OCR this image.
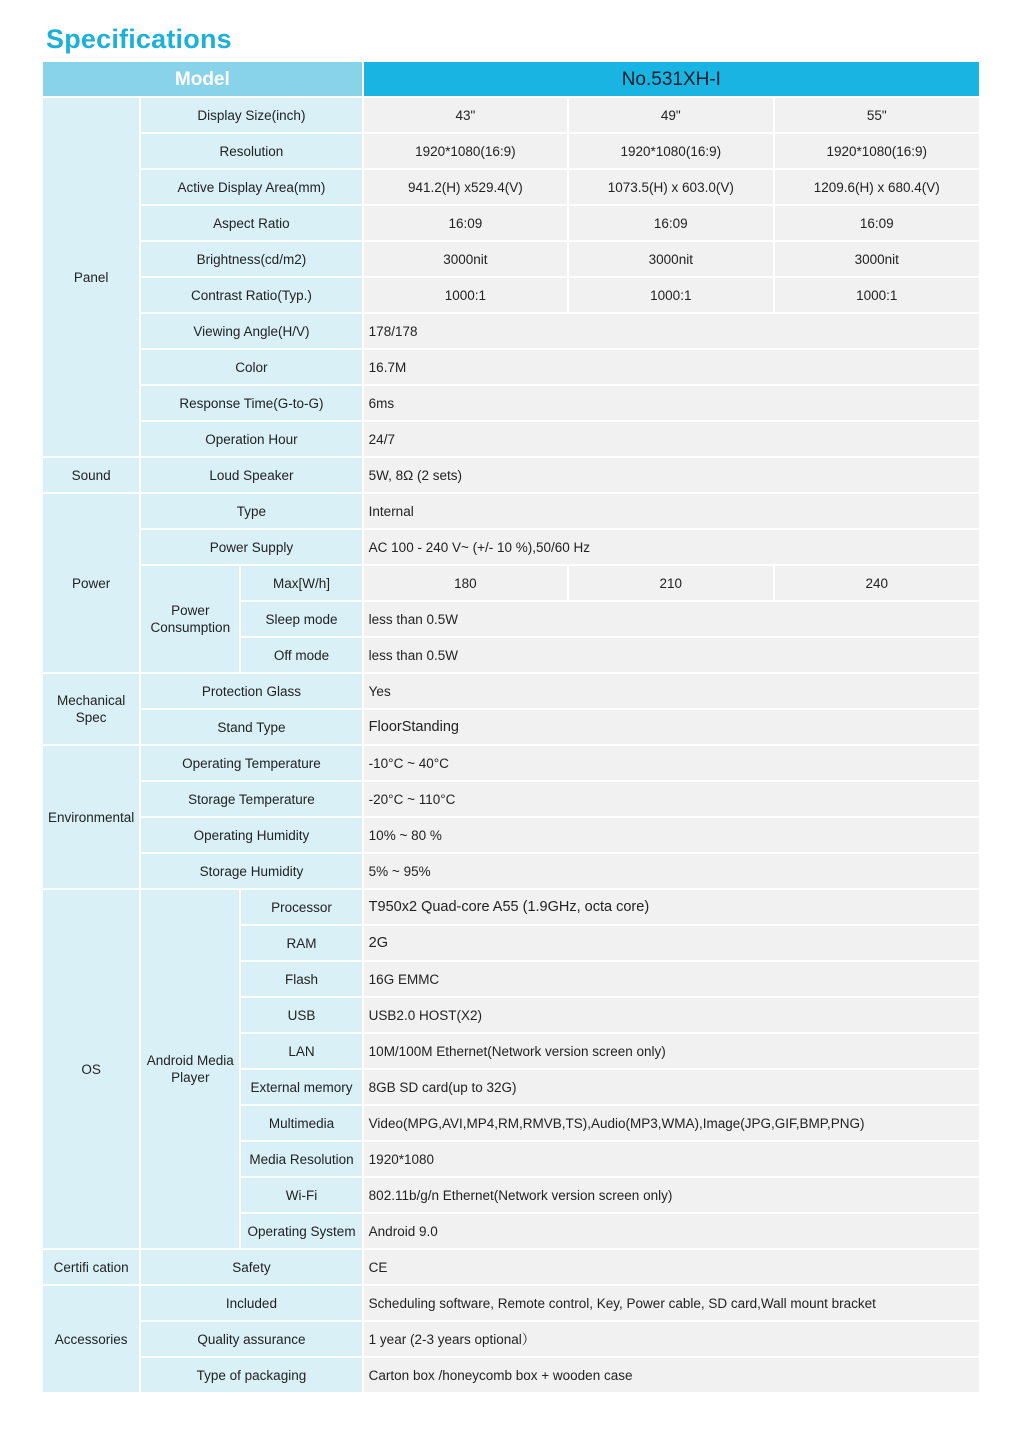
Specifications
Model			No.531XH-I		
Panel	Display Size(inch)		43"	49"	55"
	Resolution		1920*1080(16:9)	1920*1080(16:9)	1920*1080(16:9)
	Active Display Area(mm)		941.2(H) x529.4(V)	1073.5(H) x 603.0(V)	1209.6(H) x 680.4(V)
	Aspect Ratio		16:09	16:09	16:09
	Brightness(cd/m2)		3000nit	3000nit	3000nit
	Contrast Ratio(Typ.)		1000:1	1000:1	1000:1
	Viewing Angle(H/V)		178/178		
	Color		16.7M		
	Response Time(G-to-G)		6ms		
	Operation Hour		24/7		
Sound	Loud Speaker		5W, 8Ω (2 sets)		
Power	Type		Internal		
	Power Supply		AC 100 - 240 V~ (+/- 10 %),50/60 Hz		
	Power Consumption	Max[W/h]	180	210	240
		Sleep mode	less than 0.5W		
		Off mode	less than 0.5W		
Mechanical Spec	Protection Glass		Yes		
	Stand Type		FloorStanding		
Environmental	Operating Temperature		-10°C ~ 40°C		
	Storage Temperature		-20°C ~ 110°C		
	Operating Humidity		10% ~ 80 %		
	Storage Humidity		5% ~ 95%		
OS	Android Media Player	Processor	T950x2 Quad-core A55 (1.9GHz, octa core)		
		RAM	2G		
		Flash	16G EMMC		
		USB	USB2.0 HOST(X2)		
		LAN	10M/100M Ethernet(Network version screen only)		
		External memory	8GB SD card(up to 32G)		
		Multimedia	Video(MPG,AVI,MP4,RM,RMVB,TS),Audio(MP3,WMA),Image(JPG,GIF,BMP,PNG)		
		Media Resolution	1920*1080		
		Wi-Fi	802.11b/g/n Ethernet(Network version screen only)		
		Operating System	Android 9.0		
Certifi cation	Safety		CE		
Accessories	Included		Scheduling software, Remote control, Key, Power cable, SD card,Wall mount bracket		
	Quality assurance		1 year (2-3 years optional）		
	Type of packaging		Carton box /honeycomb box + wooden case		
